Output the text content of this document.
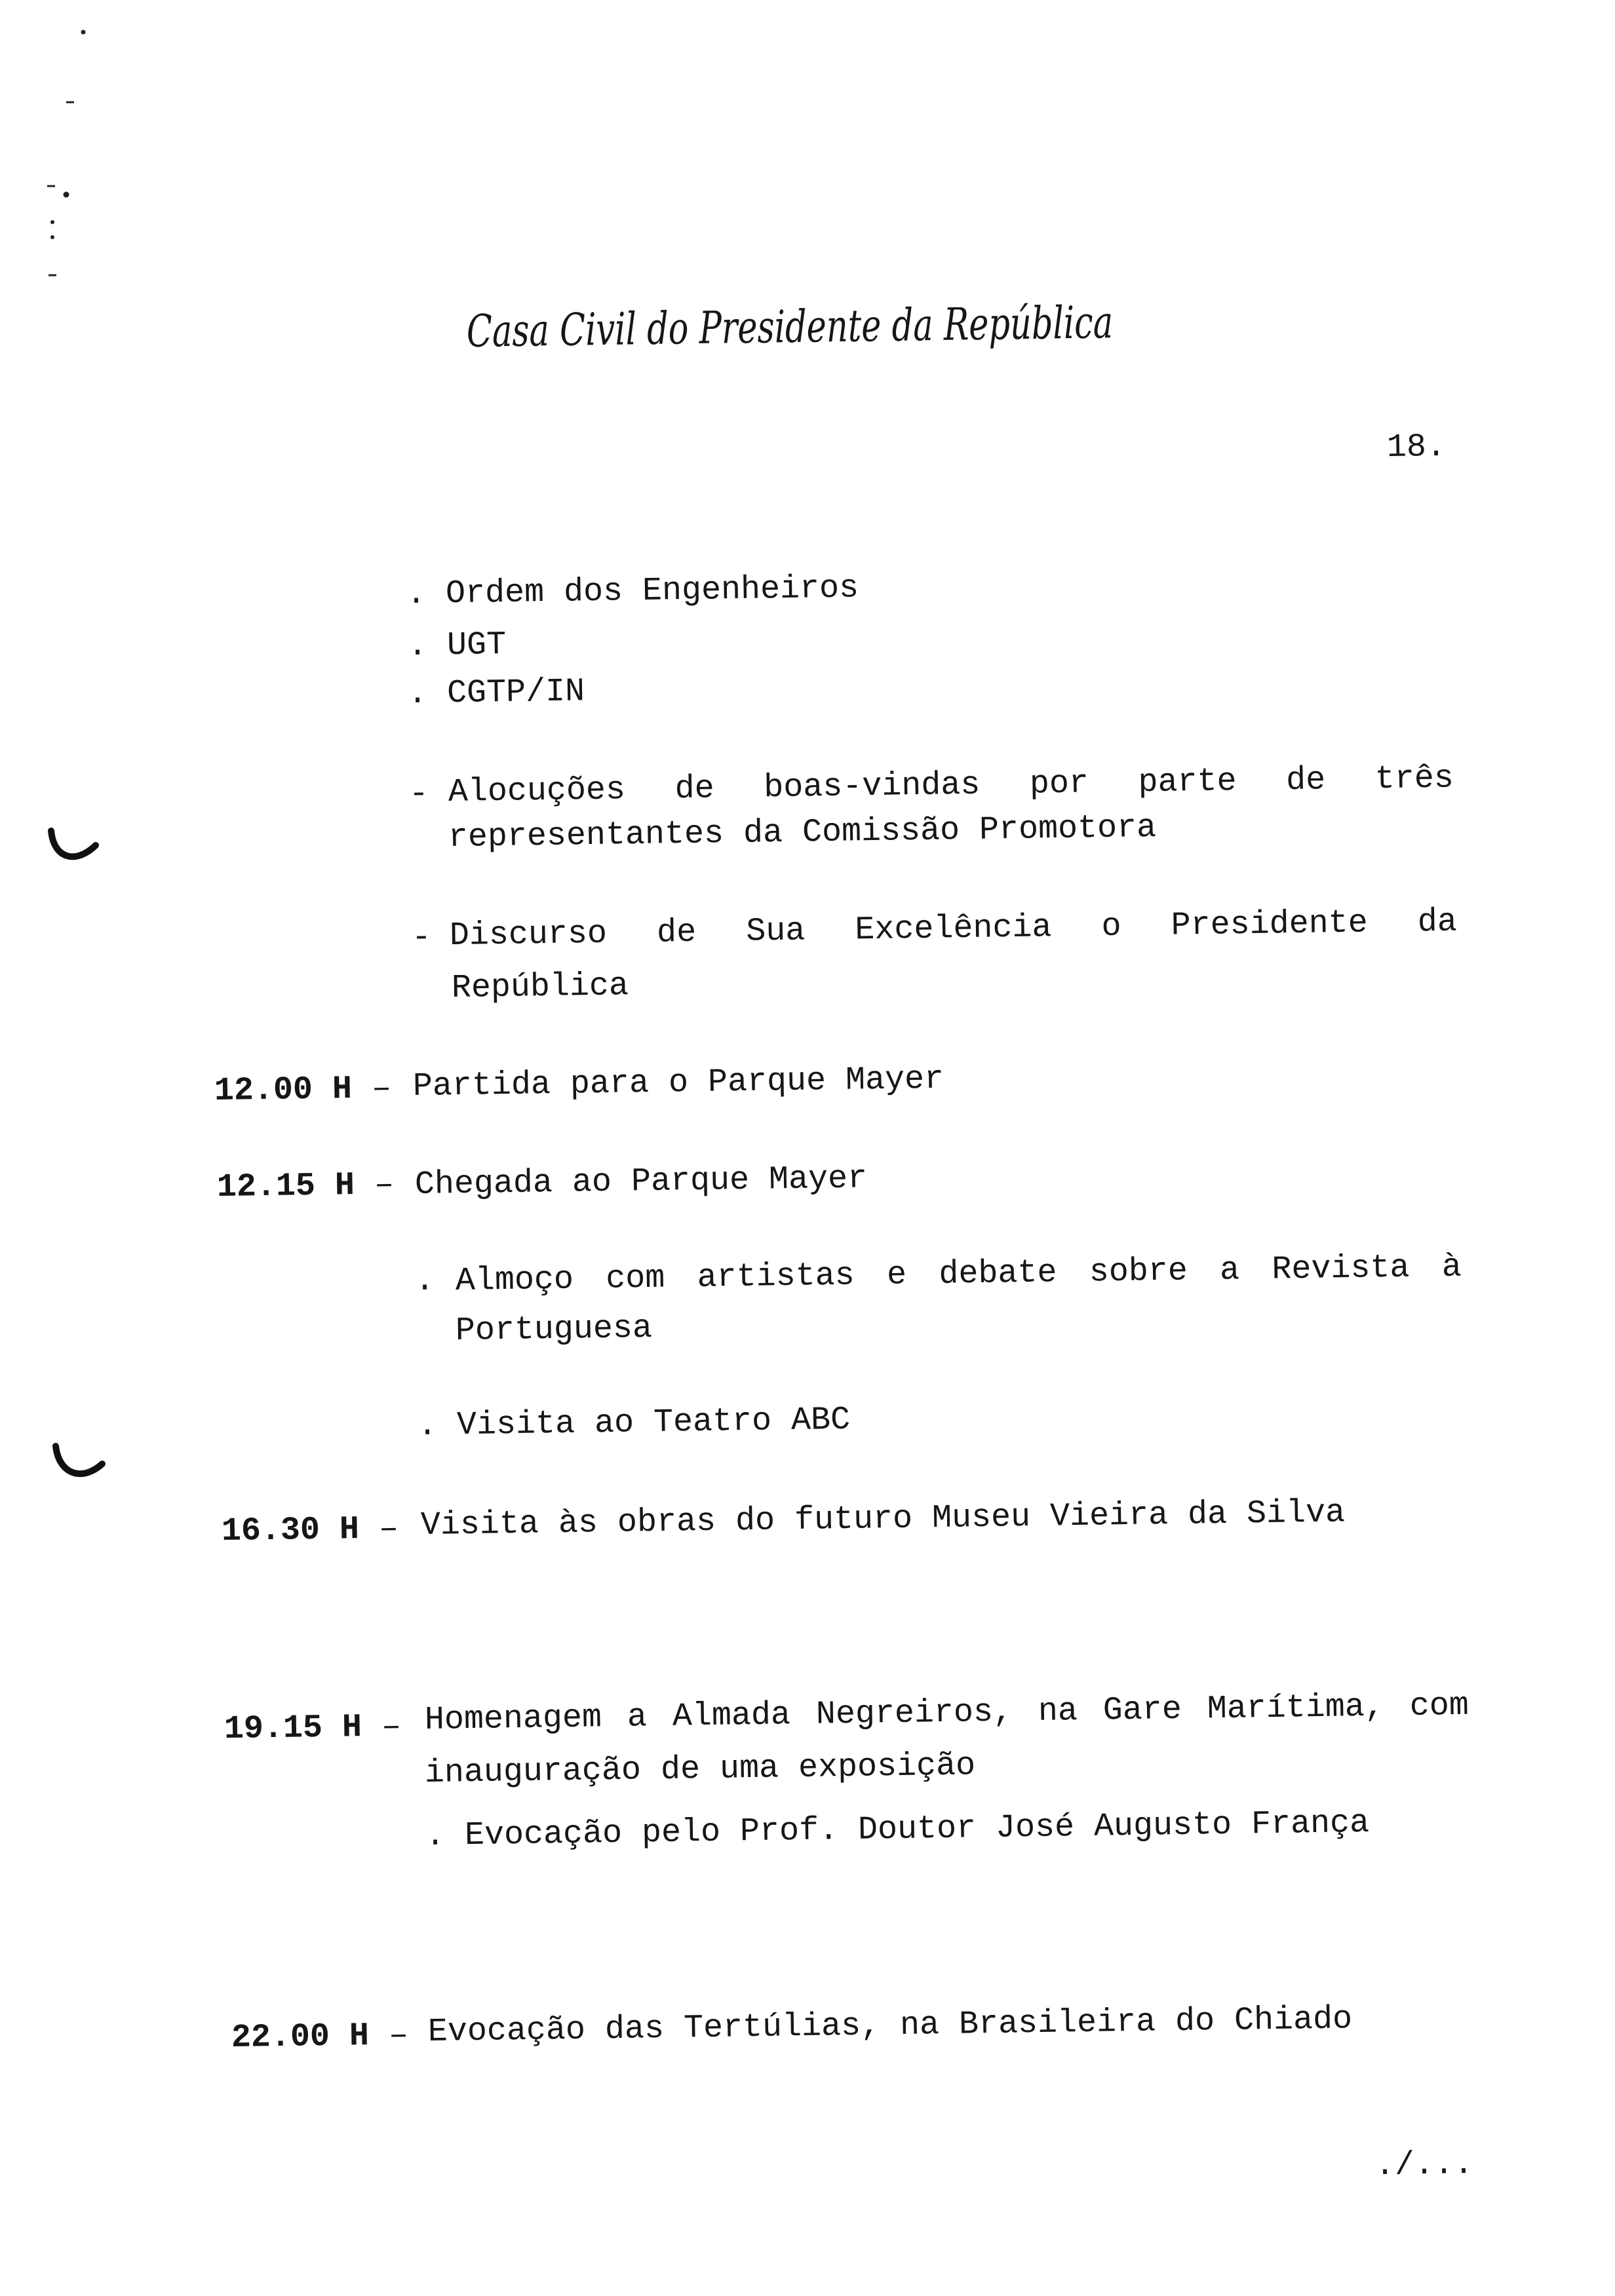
Casa Civil do Presidente da República
18.
. Ordem dos Engenheiros
. UGT
. CGTP/IN
- Alocuções de boas-vindas por parte de três
representantes da Comissão Promotora
- Discurso de Sua Excelência o Presidente da
República
12.00 H – Partida para o Parque Mayer
12.15 H – Chegada ao Parque Mayer
. Almoço com artistas e debate sobre a Revista à
Portuguesa
. Visita ao Teatro ABC
16.30 H – Visita às obras do futuro Museu Vieira da Silva
19.15 H – Homenagem a Almada Negreiros, na Gare Marítima, com
inauguração de uma exposição
. Evocação pelo Prof. Doutor José Augusto França
22.00 H – Evocação das Tertúlias, na Brasileira do Chiado
./...
